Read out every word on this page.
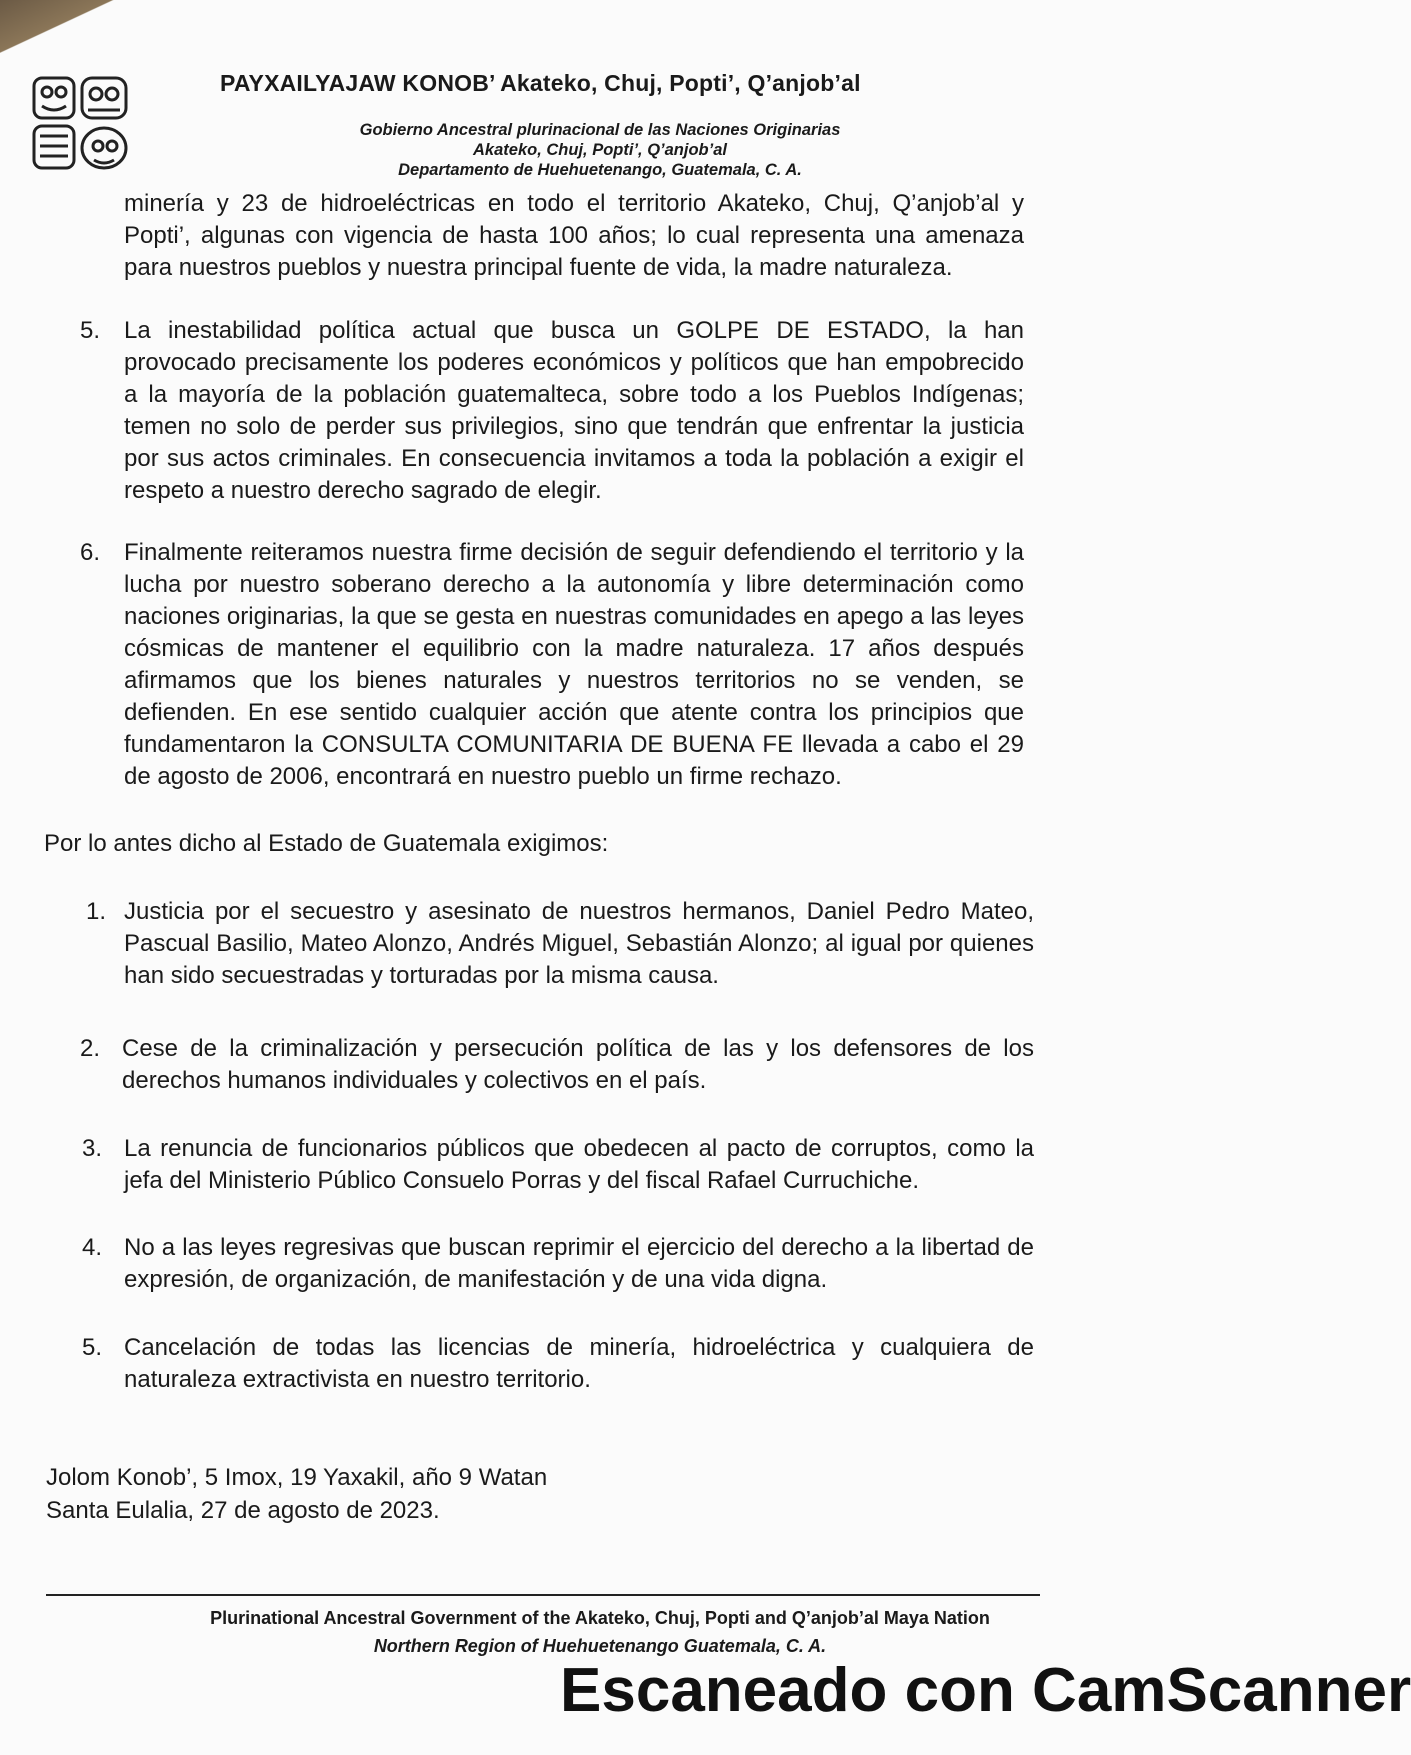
PAYXAILYAJAW KONOB’ Akateko, Chuj, Popti’, Q’anjob’al
Gobierno Ancestral plurinacional de las Naciones Originarias
Akateko, Chuj, Popti’, Q’anjob’al
Departamento de Huehuetenango, Guatemala, C. A.
minería y 23 de hidroeléctricas en todo el territorio Akateko, Chuj, Q’anjob’al y Popti’, algunas con vigencia de hasta 100 años; lo cual representa una amenaza para nuestros pueblos y nuestra principal fuente de vida, la madre naturaleza.
5. La inestabilidad política actual que busca un GOLPE DE ESTADO, la han provocado precisamente los poderes económicos y políticos que han empobrecido a la mayoría de la población guatemalteca, sobre todo a los Pueblos Indígenas; temen no solo de perder sus privilegios, sino que tendrán que enfrentar la justicia por sus actos criminales. En consecuencia invitamos a toda la población a exigir el respeto a nuestro derecho sagrado de elegir.
6. Finalmente reiteramos nuestra firme decisión de seguir defendiendo el territorio y la lucha por nuestro soberano derecho a la autonomía y libre determinación como naciones originarias, la que se gesta en nuestras comunidades en apego a las leyes cósmicas de mantener el equilibrio con la madre naturaleza. 17 años después afirmamos que los bienes naturales y nuestros territorios no se venden, se defienden. En ese sentido cualquier acción que atente contra los principios que fundamentaron la CONSULTA COMUNITARIA DE BUENA FE llevada a cabo el 29 de agosto de 2006, encontrará en nuestro pueblo un firme rechazo.
Por lo antes dicho al Estado de Guatemala exigimos:
1. Justicia por el secuestro y asesinato de nuestros hermanos, Daniel Pedro Mateo, Pascual Basilio, Mateo Alonzo, Andrés Miguel, Sebastián Alonzo; al igual por quienes han sido secuestradas y torturadas por la misma causa.
2. Cese de la criminalización y persecución política de las y los defensores de los derechos humanos individuales y colectivos en el país.
3. La renuncia de funcionarios públicos que obedecen al pacto de corruptos, como la jefa del Ministerio Público Consuelo Porras y del fiscal Rafael Curruchiche.
4. No a las leyes regresivas que buscan reprimir el ejercicio del derecho a la libertad de expresión, de organización, de manifestación y de una vida digna.
5. Cancelación de todas las licencias de minería, hidroeléctrica y cualquiera de naturaleza extractivista en nuestro territorio.
Jolom Konob’, 5 Imox, 19 Yaxakil, año 9 Watan
Santa Eulalia, 27 de agosto de 2023.
Plurinational Ancestral Government of the Akateko, Chuj, Popti and Q’anjob’al Maya Nation
Northern Region of Huehuetenango Guatemala, C. A.
Escaneado con CamScanner
